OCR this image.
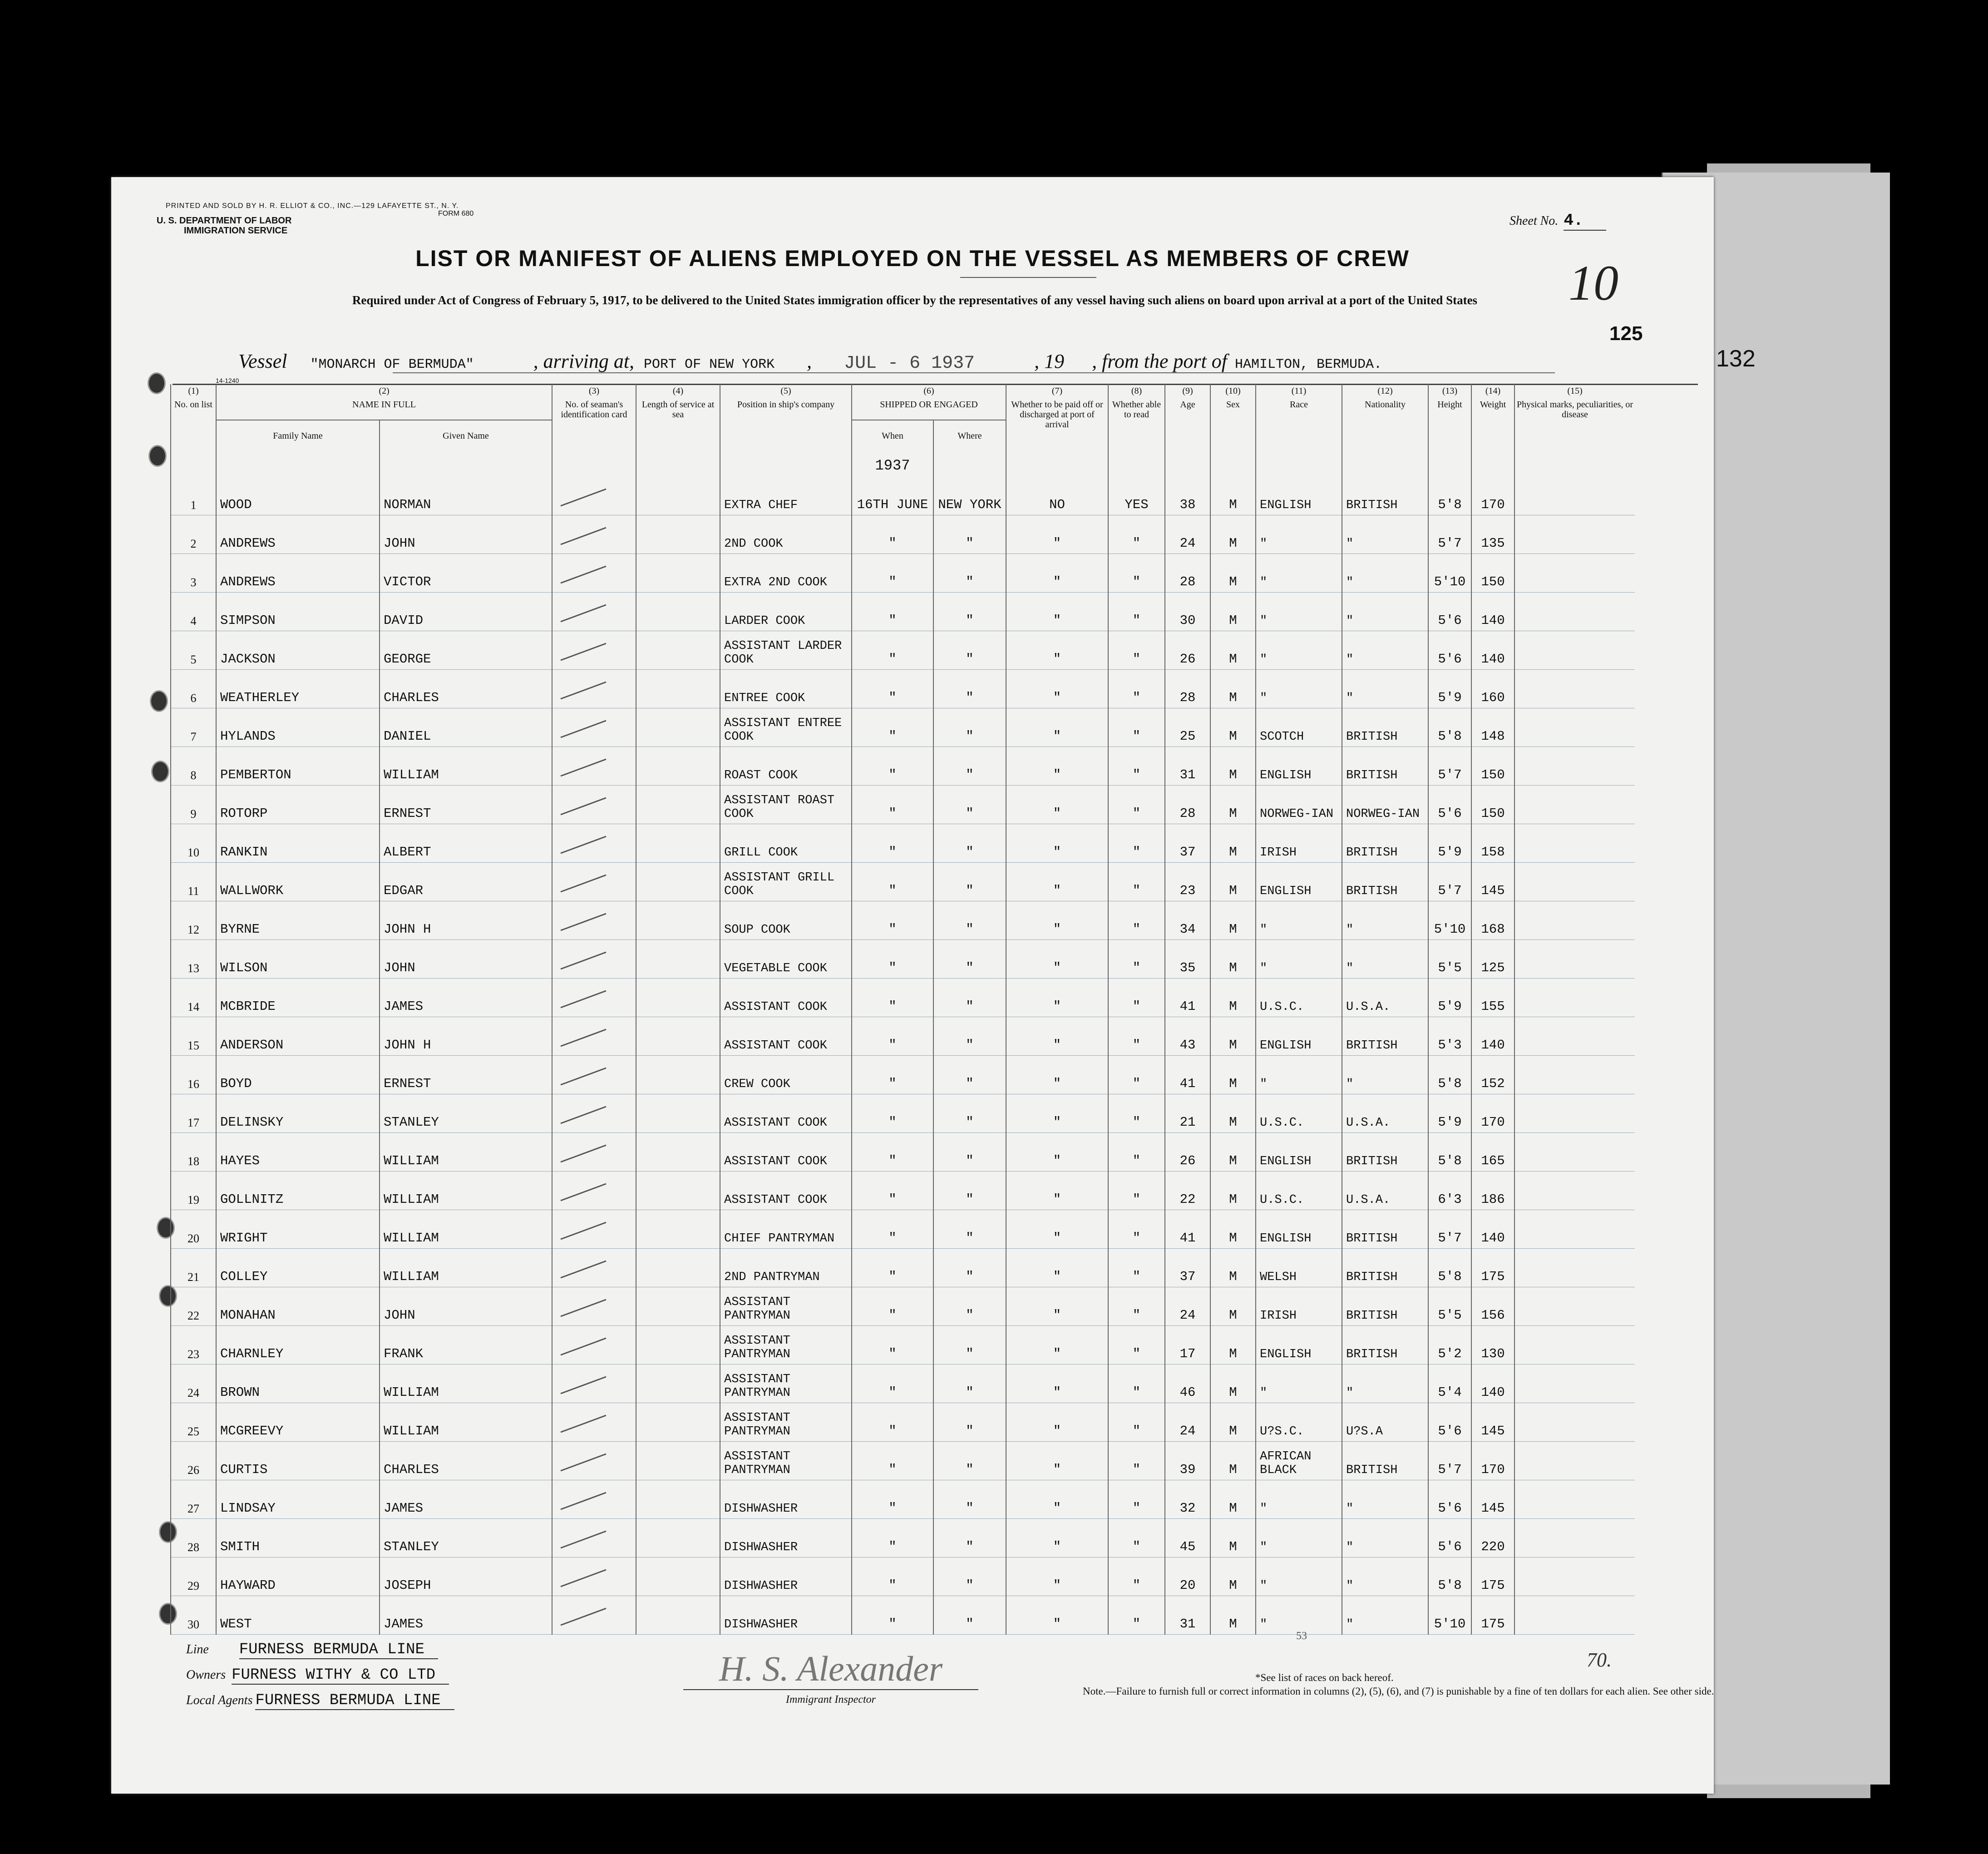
132
PRINTED AND SOLD BY H. R. ELLIOT & CO., INC.—129 LAFAYETTE ST., N. Y.
FORM 680
U. S. DEPARTMENT OF LABOR
IMMIGRATION SERVICE
Sheet No. 4.
LIST OR MANIFEST OF ALIENS EMPLOYED ON THE VESSEL AS MEMBERS OF CREW
Required under Act of Congress of February 5, 1917, to be delivered to the United States immigration officer by the representatives of any vessel having such aliens on board upon arrival at a port of the United States	10
125
Vessel "MONARCH OF BERMUDA"	, arriving at, PORT OF NEW YORK , JUL - 6 1937	, 19 , from the port of HAMILTON, BERMUDA.
14-1240
(1)	(2)		(3)	(4)	(5)	(6)		(7)	(8)	(9)	(10)	(11)	(12)	(13)	(14)	(15)
No. on list	NAME IN FULL		No. of seaman's identification card	Length of service at sea	Position in ship's company	SHIPPED OR ENGAGED		Whether to be paid off or discharged at port of arrival	Whether able to read	Age	Sex	Race	Nationality	Height	Weight	Physical marks, peculiarities, or disease
	Family Name	Given Name				When	Where									
						1937										
1	WOOD	NORMAN			EXTRA CHEF	16TH JUNE	NEW YORK	NO	YES	38	M	ENGLISH	BRITISH	5'8	170	
2	ANDREWS	JOHN			2ND COOK	"	"	"	"	24	M	"	"	5'7	135	
3	ANDREWS	VICTOR			EXTRA 2ND COOK	"	"	"	"	28	M	"	"	5'10	150	
4	SIMPSON	DAVID			LARDER COOK	"	"	"	"	30	M	"	"	5'6	140	
5	JACKSON	GEORGE			ASSISTANT LARDER COOK	"	"	"	"	26	M	"	"	5'6	140	
6	WEATHERLEY	CHARLES			ENTREE COOK	"	"	"	"	28	M	"	"	5'9	160	
7	HYLANDS	DANIEL			ASSISTANT ENTREE COOK	"	"	"	"	25	M	SCOTCH	BRITISH	5'8	148	
8	PEMBERTON	WILLIAM			ROAST COOK	"	"	"	"	31	M	ENGLISH	BRITISH	5'7	150	
9	ROTORP	ERNEST			ASSISTANT ROAST COOK	"	"	"	"	28	M	NORWEG-IAN	NORWEG-IAN	5'6	150	
10	RANKIN	ALBERT			GRILL COOK	"	"	"	"	37	M	IRISH	BRITISH	5'9	158	
11	WALLWORK	EDGAR			ASSISTANT GRILL COOK	"	"	"	"	23	M	ENGLISH	BRITISH	5'7	145	
12	BYRNE	JOHN H			SOUP COOK	"	"	"	"	34	M	"	"	5'10	168	
13	WILSON	JOHN			VEGETABLE COOK	"	"	"	"	35	M	"	"	5'5	125	
14	MCBRIDE	JAMES			ASSISTANT COOK	"	"	"	"	41	M	U.S.C.	U.S.A.	5'9	155	
15	ANDERSON	JOHN H			ASSISTANT COOK	"	"	"	"	43	M	ENGLISH	BRITISH	5'3	140	
16	BOYD	ERNEST			CREW COOK	"	"	"	"	41	M	"	"	5'8	152	
17	DELINSKY	STANLEY			ASSISTANT COOK	"	"	"	"	21	M	U.S.C.	U.S.A.	5'9	170	
18	HAYES	WILLIAM			ASSISTANT COOK	"	"	"	"	26	M	ENGLISH	BRITISH	5'8	165	
19	GOLLNITZ	WILLIAM			ASSISTANT COOK	"	"	"	"	22	M	U.S.C.	U.S.A.	6'3	186	
20	WRIGHT	WILLIAM			CHIEF PANTRYMAN	"	"	"	"	41	M	ENGLISH	BRITISH	5'7	140	
21	COLLEY	WILLIAM			2ND PANTRYMAN	"	"	"	"	37	M	WELSH	BRITISH	5'8	175	
22	MONAHAN	JOHN			ASSISTANT PANTRYMAN	"	"	"	"	24	M	IRISH	BRITISH	5'5	156	
23	CHARNLEY	FRANK			ASSISTANT PANTRYMAN	"	"	"	"	17	M	ENGLISH	BRITISH	5'2	130	
24	BROWN	WILLIAM			ASSISTANT PANTRYMAN	"	"	"	"	46	M	"	"	5'4	140	
25	MCGREEVY	WILLIAM			ASSISTANT PANTRYMAN	"	"	"	"	24	M	U?S.C.	U?S.A	5'6	145	
26	CURTIS	CHARLES			ASSISTANT PANTRYMAN	"	"	"	"	39	M	AFRICAN BLACK	BRITISH	5'7	170	
27	LINDSAY	JAMES			DISHWASHER	"	"	"	"	32	M	"	"	5'6	145	
28	SMITH	STANLEY			DISHWASHER	"	"	"	"	45	M	"	"	5'6	220	
29	HAYWARD	JOSEPH			DISHWASHER	"	"	"	"	20	M	"	"	5'8	175	
30	WEST	JAMES			DISHWASHER	"	"	"	"	31	M	"	"	5'10	175	
Line FURNESS BERMUDA LINE
Owners FURNESS WITHY & CO LTD
Local Agents FURNESS BERMUDA LINE
H. S. Alexander
Immigrant Inspector
53
*See list of races on back hereof.
Note.—Failure to furnish full or correct information in columns (2), (5), (6), and (7) is punishable by a fine of ten dollars for each alien. See other side.
70.
